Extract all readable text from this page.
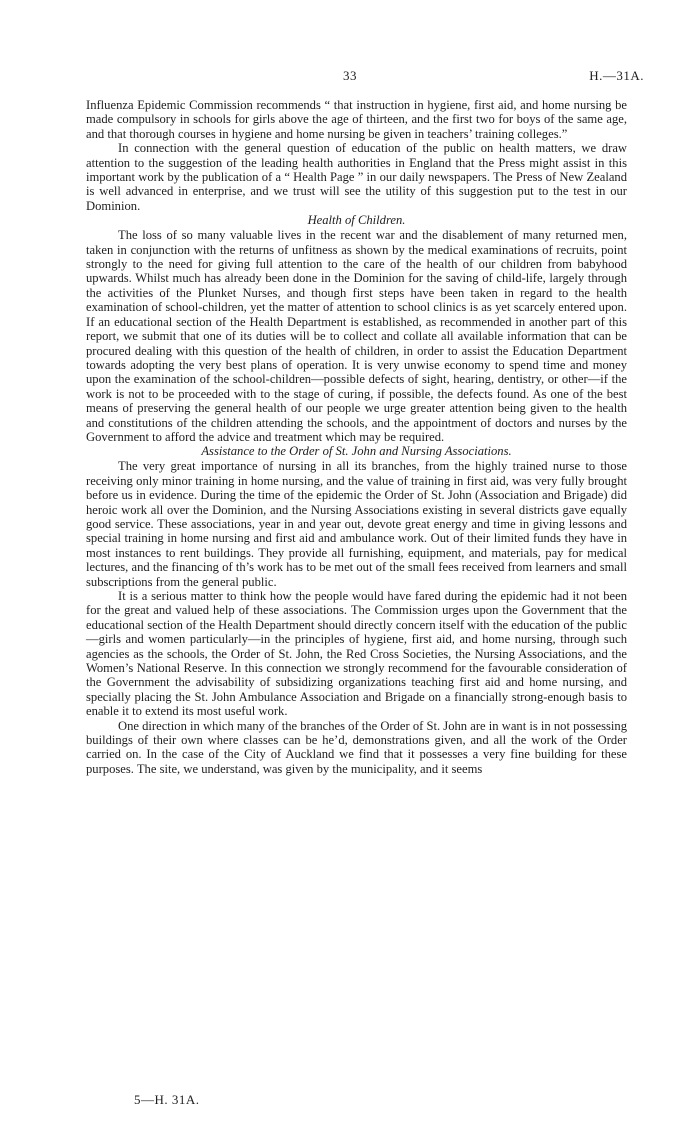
33	H.—31A.

Influenza Epidemic Commission recommends “ that instruction in hygiene, first aid, and home nursing be made compulsory in schools for girls above the age of thirteen, and the first two for boys of the same age, and that thorough courses in hygiene and home nursing be given in teachers’ training colleges.”

In connection with the general question of education of the public on health matters, we draw attention to the suggestion of the leading health authorities in England that the Press might assist in this important work by the publication of a “ Health Page ” in our daily newspapers. The Press of New Zealand is well advanced in enterprise, and we trust will see the utility of this suggestion put to the test in our Dominion.

Health of Children.

The loss of so many valuable lives in the recent war and the disablement of many returned men, taken in conjunction with the returns of unfitness as shown by the medical examinations of recruits, point strongly to the need for giving full attention to the care of the health of our children from babyhood upwards. Whilst much has already been done in the Dominion for the saving of child-life, largely through the activities of the Plunket Nurses, and though first steps have been taken in regard to the health examination of school-children, yet the matter of attention to school clinics is as yet scarcely entered upon. If an educational section of the Health Department is established, as recommended in another part of this report, we submit that one of its duties will be to collect and collate all available information that can be procured dealing with this question of the health of children, in order to assist the Education Department towards adopting the very best plans of operation. It is very unwise economy to spend time and money upon the examination of the school-children—possible defects of sight, hearing, dentistry, or other—if the work is not to be proceeded with to the stage of curing, if possible, the defects found. As one of the best means of preserving the general health of our people we urge greater attention being given to the health and constitutions of the children attending the schools, and the appointment of doctors and nurses by the Government to afford the advice and treatment which may be required.

Assistance to the Order of St. John and Nursing Associations.

The very great importance of nursing in all its branches, from the highly trained nurse to those receiving only minor training in home nursing, and the value of training in first aid, was very fully brought before us in evidence. During the time of the epidemic the Order of St. John (Association and Brigade) did heroic work all over the Dominion, and the Nursing Associations existing in several districts gave equally good service. These associations, year in and year out, devote great energy and time in giving lessons and special training in home nursing and first aid and ambulance work. Out of their limited funds they have in most instances to rent buildings. They provide all furnishing, equipment, and materials, pay for medical lectures, and the financing of th’s work has to be met out of the small fees received from learners and small subscriptions from the general public.

It is a serious matter to think how the people would have fared during the epidemic had it not been for the great and valued help of these associations. The Commission urges upon the Government that the educational section of the Health Department should directly concern itself with the education of the public—girls and women particularly—in the principles of hygiene, first aid, and home nursing, through such agencies as the schools, the Order of St. John, the Red Cross Societies, the Nursing Associations, and the Women’s National Reserve. In this connection we strongly recommend for the favourable consideration of the Government the advisability of subsidizing organizations teaching first aid and home nursing, and specially placing the St. John Ambulance Association and Brigade on a financially strong-enough basis to enable it to extend its most useful work.

One direction in which many of the branches of the Order of St. John are in want is in not possessing buildings of their own where classes can be he’d, demonstrations given, and all the work of the Order carried on. In the case of the City of Auckland we find that it possesses a very fine building for these purposes. The site, we understand, was given by the municipality, and it seems

5—H. 31A.
